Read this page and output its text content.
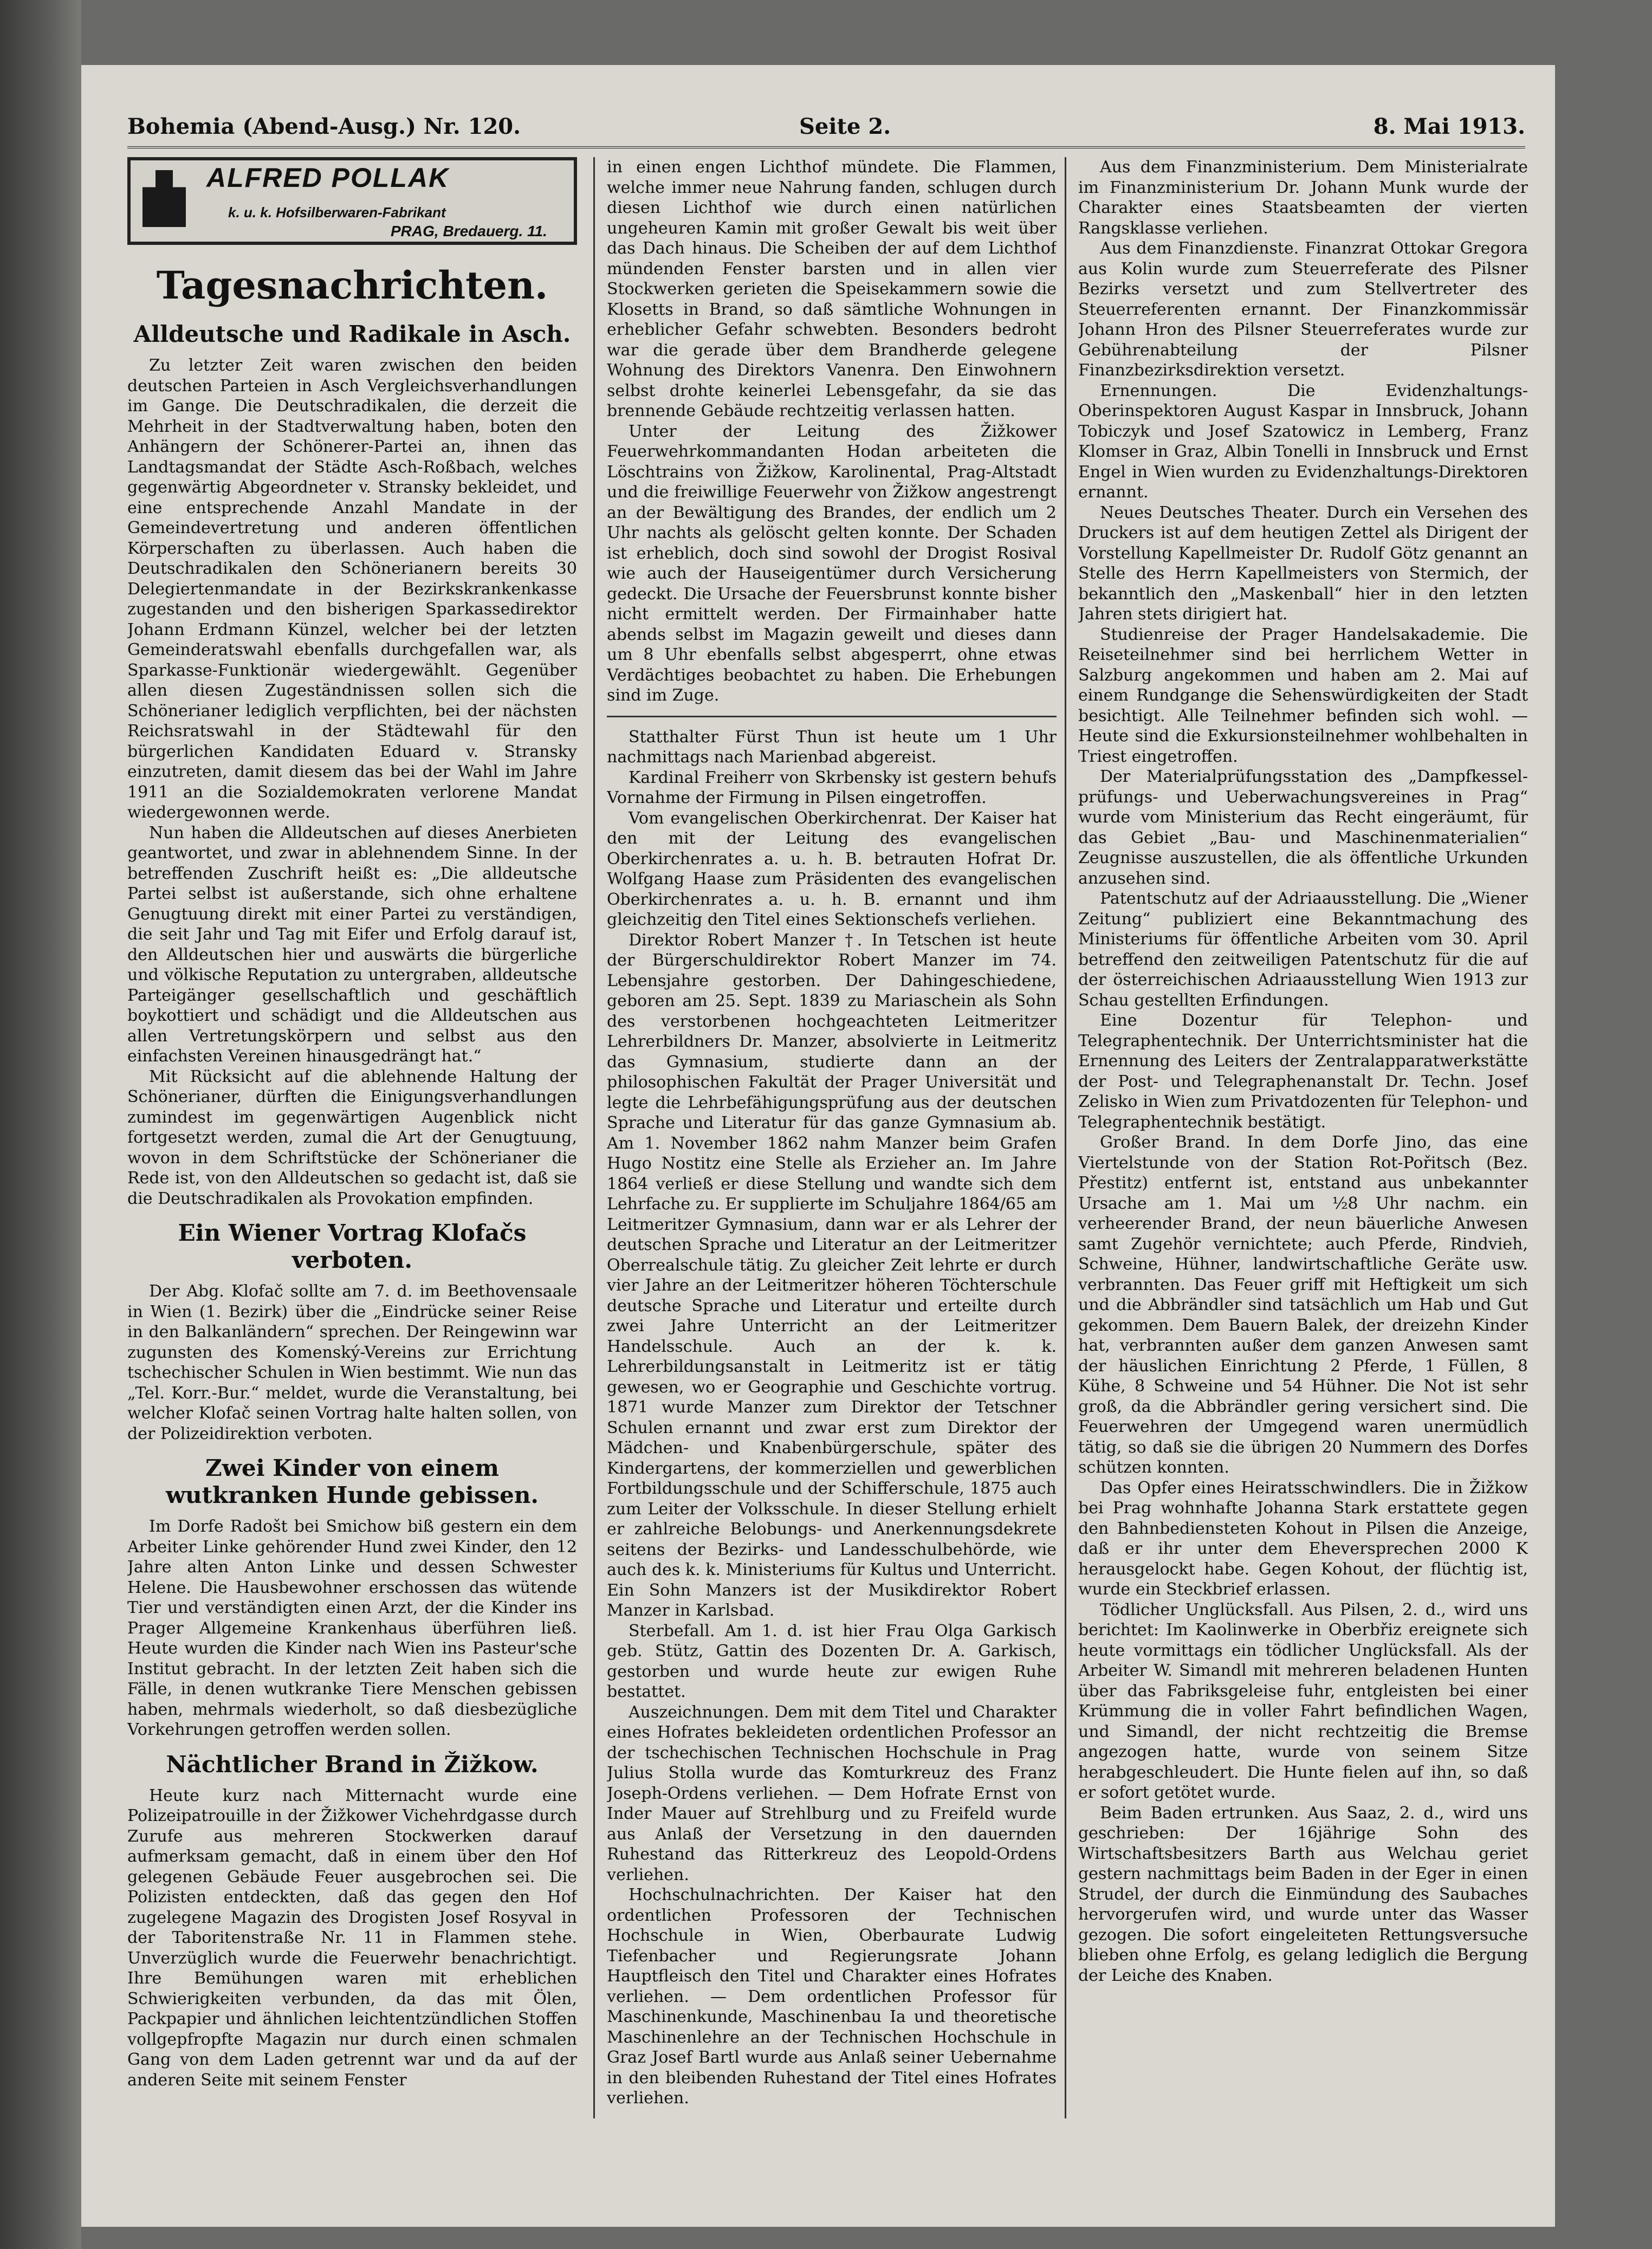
Bohemia (Abend-Ausg.) Nr. 120.	Seite 2.	8. Mai 1913.
ALFRED POLLAK
k. u. k. Hofsilberwaren-Fabrikant
PRAG, Bredauerg. 11.
Tagesnachrichten.
Alldeutsche und Radikale in Asch.

Zu letzter Zeit waren zwischen den beiden deutschen Parteien in Asch Vergleichsverhandlungen im Gange. Die Deutschradikalen, die derzeit die Mehrheit in der Stadtverwaltung haben, boten den Anhängern der Schönerer-Partei an, ihnen das Landtagsmandat der Städte Asch-Roßbach, welches gegenwärtig Abgeordneter v. Stransky bekleidet, und eine entsprechende Anzahl Mandate in der Gemeindevertretung und anderen öffentlichen Körperschaften zu überlassen. Auch haben die Deutschradikalen den Schönerianern bereits 30 Delegiertenmandate in der Bezirkskrankenkasse zugestanden und den bisherigen Sparkassedirektor Johann Erdmann Künzel, welcher bei der letzten Gemeinderatswahl ebenfalls durchgefallen war, als Sparkasse-Funktionär wiedergewählt. Gegenüber allen diesen Zugeständnissen sollen sich die Schönerianer lediglich verpflichten, bei der nächsten Reichsratswahl in der Städtewahl für den bürgerlichen Kandidaten Eduard v. Stransky einzutreten, damit diesem das bei der Wahl im Jahre 1911 an die Sozialdemokraten verlorene Mandat wiedergewonnen werde.

Nun haben die Alldeutschen auf dieses Anerbieten geantwortet, und zwar in ablehnendem Sinne. In der betreffenden Zuschrift heißt es: „Die alldeutsche Partei selbst ist außerstande, sich ohne erhaltene Genugtuung direkt mit einer Partei zu verständigen, die seit Jahr und Tag mit Eifer und Erfolg darauf ist, den Alldeutschen hier und auswärts die bürgerliche und völkische Reputation zu untergraben, alldeutsche Parteigänger gesellschaftlich und geschäftlich boykottiert und schädigt und die Alldeutschen aus allen Vertretungskörpern und selbst aus den einfachsten Vereinen hinausgedrängt hat.“

Mit Rücksicht auf die ablehnende Haltung der Schönerianer, dürften die Einigungsverhandlungen zumindest im gegenwärtigen Augenblick nicht fortgesetzt werden, zumal die Art der Genugtuung, wovon in dem Schriftstücke der Schönerianer die Rede ist, von den Alldeutschen so gedacht ist, daß sie die Deutschradikalen als Provokation empfinden.

Ein Wiener Vortrag Klofačs verboten.

Der Abg. Klofač sollte am 7. d. im Beethovensaale in Wien (1. Bezirk) über die „Eindrücke seiner Reise in den Balkanländern“ sprechen. Der Reingewinn war zugunsten des Komenský-Vereins zur Errichtung tschechischer Schulen in Wien bestimmt. Wie nun das „Tel. Korr.-Bur.“ meldet, wurde die Veranstaltung, bei welcher Klofač seinen Vortrag halte halten sollen, von der Polizeidirektion verboten.

Zwei Kinder von einem wutkranken Hunde gebissen.

Im Dorfe Radošt bei Smichow biß gestern ein dem Arbeiter Linke gehörender Hund zwei Kinder, den 12 Jahre alten Anton Linke und dessen Schwester Helene. Die Hausbewohner erschossen das wütende Tier und verständigten einen Arzt, der die Kinder ins Prager Allgemeine Krankenhaus überführen ließ. Heute wurden die Kinder nach Wien ins Pasteur'sche Institut gebracht. In der letzten Zeit haben sich die Fälle, in denen wutkranke Tiere Menschen gebissen haben, mehrmals wiederholt, so daß diesbezügliche Vorkehrungen getroffen werden sollen.

Nächtlicher Brand in Žižkow.

Heute kurz nach Mitternacht wurde eine Polizeipatrouille in der Žižkower Vichehrdgasse durch Zurufe aus mehreren Stockwerken darauf aufmerksam gemacht, daß in einem über den Hof gelegenen Gebäude Feuer ausgebrochen sei. Die Polizisten entdeckten, daß das gegen den Hof zugelegene Magazin des Drogisten Josef Rosyval in der Taboritenstraße Nr. 11 in Flammen stehe. Unverzüglich wurde die Feuerwehr benachrichtigt. Ihre Bemühungen waren mit erheblichen Schwierigkeiten verbunden, da das mit Ölen, Packpapier und ähnlichen leichtentzündlichen Stoffen vollgepfropfte Magazin nur durch einen schmalen Gang von dem Laden getrennt war und da auf der anderen Seite mit seinem Fenster

in einen engen Lichthof mündete. Die Flammen, welche immer neue Nahrung fanden, schlugen durch diesen Lichthof wie durch einen natürlichen ungeheuren Kamin mit großer Gewalt bis weit über das Dach hinaus. Die Scheiben der auf dem Lichthof mündenden Fenster barsten und in allen vier Stockwerken gerieten die Speisekammern sowie die Klosetts in Brand, so daß sämtliche Wohnungen in erheblicher Gefahr schwebten. Besonders bedroht war die gerade über dem Brandherde gelegene Wohnung des Direktors Vanenra. Den Einwohnern selbst drohte keinerlei Lebensgefahr, da sie das brennende Gebäude rechtzeitig verlassen hatten.

Unter der Leitung des Žižkower Feuerwehrkommandanten Hodan arbeiteten die Löschtrains von Žižkow, Karolinental, Prag-Altstadt und die freiwillige Feuerwehr von Žižkow angestrengt an der Bewältigung des Brandes, der endlich um 2 Uhr nachts als gelöscht gelten konnte. Der Schaden ist erheblich, doch sind sowohl der Drogist Rosival wie auch der Hauseigentümer durch Versicherung gedeckt. Die Ursache der Feuersbrunst konnte bisher nicht ermittelt werden. Der Firmainhaber hatte abends selbst im Magazin geweilt und dieses dann um 8 Uhr ebenfalls selbst abgesperrt, ohne etwas Verdächtiges beobachtet zu haben. Die Erhebungen sind im Zuge.

Statthalter Fürst Thun ist heute um 1 Uhr nachmittags nach Marienbad abgereist.

Kardinal Freiherr von Skrbensky ist gestern behufs Vornahme der Firmung in Pilsen eingetroffen.

Vom evangelischen Oberkirchenrat. Der Kaiser hat den mit der Leitung des evangelischen Oberkirchenrates a. u. h. B. betrauten Hofrat Dr. Wolfgang Haase zum Präsidenten des evangelischen Oberkirchenrates a. u. h. B. ernannt und ihm gleichzeitig den Titel eines Sektionschefs verliehen.

Direktor Robert Manzer †. In Tetschen ist heute der Bürgerschuldirektor Robert Manzer im 74. Lebensjahre gestorben. Der Dahingeschiedene, geboren am 25. Sept. 1839 zu Mariaschein als Sohn des verstorbenen hochgeachteten Leitmeritzer Lehrerbildners Dr. Manzer, absolvierte in Leitmeritz das Gymnasium, studierte dann an der philosophischen Fakultät der Prager Universität und legte die Lehrbefähigungsprüfung aus der deutschen Sprache und Literatur für das ganze Gymnasium ab. Am 1. November 1862 nahm Manzer beim Grafen Hugo Nostitz eine Stelle als Erzieher an. Im Jahre 1864 verließ er diese Stellung und wandte sich dem Lehrfache zu. Er supplierte im Schuljahre 1864/65 am Leitmeritzer Gymnasium, dann war er als Lehrer der deutschen Sprache und Literatur an der Leitmeritzer Oberrealschule tätig. Zu gleicher Zeit lehrte er durch vier Jahre an der Leitmeritzer höheren Töchterschule deutsche Sprache und Literatur und erteilte durch zwei Jahre Unterricht an der Leitmeritzer Handelsschule. Auch an der k. k. Lehrerbildungsanstalt in Leitmeritz ist er tätig gewesen, wo er Geographie und Geschichte vortrug. 1871 wurde Manzer zum Direktor der Tetschner Schulen ernannt und zwar erst zum Direktor der Mädchen- und Knabenbürgerschule, später des Kindergartens, der kommerziellen und gewerblichen Fortbildungsschule und der Schifferschule, 1875 auch zum Leiter der Volksschule. In dieser Stellung erhielt er zahlreiche Belobungs- und Anerkennungsdekrete seitens der Bezirks- und Landesschulbehörde, wie auch des k. k. Ministeriums für Kultus und Unterricht. Ein Sohn Manzers ist der Musikdirektor Robert Manzer in Karlsbad.

Sterbefall. Am 1. d. ist hier Frau Olga Garkisch geb. Stütz, Gattin des Dozenten Dr. A. Garkisch, gestorben und wurde heute zur ewigen Ruhe bestattet.

Auszeichnungen. Dem mit dem Titel und Charakter eines Hofrates bekleideten ordentlichen Professor an der tschechischen Technischen Hochschule in Prag Julius Stolla wurde das Komturkreuz des Franz Joseph-Ordens verliehen. — Dem Hofrate Ernst von Inder Mauer auf Strehlburg und zu Freifeld wurde aus Anlaß der Versetzung in den dauernden Ruhestand das Ritterkreuz des Leopold-Ordens verliehen.

Hochschulnachrichten. Der Kaiser hat den ordentlichen Professoren der Technischen Hochschule in Wien, Oberbaurate Ludwig Tiefenbacher und Regierungsrate Johann Hauptfleisch den Titel und Charakter eines Hofrates verliehen. — Dem ordentlichen Professor für Maschinenkunde, Maschinenbau Ia und theoretische Maschinenlehre an der Technischen Hochschule in Graz Josef Bartl wurde aus Anlaß seiner Uebernahme in den bleibenden Ruhestand der Titel eines Hofrates verliehen.

Aus dem Finanzministerium. Dem Ministerialrate im Finanzministerium Dr. Johann Munk wurde der Charakter eines Staatsbeamten der vierten Rangsklasse verliehen.

Aus dem Finanzdienste. Finanzrat Ottokar Gregora aus Kolin wurde zum Steuerreferate des Pilsner Bezirks versetzt und zum Stellvertreter des Steuerreferenten ernannt. Der Finanzkommissär Johann Hron des Pilsner Steuerreferates wurde zur Gebührenabteilung der Pilsner Finanzbezirksdirektion versetzt.

Ernennungen. Die Evidenzhaltungs-Oberinspektoren August Kaspar in Innsbruck, Johann Tobiczyk und Josef Szatowicz in Lemberg, Franz Klomser in Graz, Albin Tonelli in Innsbruck und Ernst Engel in Wien wurden zu Evidenzhaltungs-Direktoren ernannt.

Neues Deutsches Theater. Durch ein Versehen des Druckers ist auf dem heutigen Zettel als Dirigent der Vorstellung Kapellmeister Dr. Rudolf Götz genannt an Stelle des Herrn Kapellmeisters von Stermich, der bekanntlich den „Maskenball“ hier in den letzten Jahren stets dirigiert hat.

Studienreise der Prager Handelsakademie. Die Reiseteilnehmer sind bei herrlichem Wetter in Salzburg angekommen und haben am 2. Mai auf einem Rundgange die Sehenswürdigkeiten der Stadt besichtigt. Alle Teilnehmer befinden sich wohl. — Heute sind die Exkursionsteilnehmer wohlbehalten in Triest eingetroffen.

Der Materialprüfungsstation des „Dampfkessel-prüfungs- und Ueberwachungsvereines in Prag“ wurde vom Ministerium das Recht eingeräumt, für das Gebiet „Bau- und Maschinenmaterialien“ Zeugnisse auszustellen, die als öffentliche Urkunden anzusehen sind.

Patentschutz auf der Adriaausstellung. Die „Wiener Zeitung“ publiziert eine Bekanntmachung des Ministeriums für öffentliche Arbeiten vom 30. April betreffend den zeitweiligen Patentschutz für die auf der österreichischen Adriaausstellung Wien 1913 zur Schau gestellten Erfindungen.

Eine Dozentur für Telephon- und Telegraphentechnik. Der Unterrichtsminister hat die Ernennung des Leiters der Zentralapparatwerkstätte der Post- und Telegraphenanstalt Dr. Techn. Josef Zelisko in Wien zum Privatdozenten für Telephon- und Telegraphentechnik bestätigt.

Großer Brand. In dem Dorfe Jino, das eine Viertelstunde von der Station Rot-Pořitsch (Bez. Přestitz) entfernt ist, entstand aus unbekannter Ursache am 1. Mai um ½8 Uhr nachm. ein verheerender Brand, der neun bäuerliche Anwesen samt Zugehör vernichtete; auch Pferde, Rindvieh, Schweine, Hühner, landwirtschaftliche Geräte usw. verbrannten. Das Feuer griff mit Heftigkeit um sich und die Abbrändler sind tatsächlich um Hab und Gut gekommen. Dem Bauern Balek, der dreizehn Kinder hat, verbrannten außer dem ganzen Anwesen samt der häuslichen Einrichtung 2 Pferde, 1 Füllen, 8 Kühe, 8 Schweine und 54 Hühner. Die Not ist sehr groß, da die Abbrändler gering versichert sind. Die Feuerwehren der Umgegend waren unermüdlich tätig, so daß sie die übrigen 20 Nummern des Dorfes schützen konnten.

Das Opfer eines Heiratsschwindlers. Die in Žižkow bei Prag wohnhafte Johanna Stark erstattete gegen den Bahnbediensteten Kohout in Pilsen die Anzeige, daß er ihr unter dem Eheversprechen 2000 K herausgelockt habe. Gegen Kohout, der flüchtig ist, wurde ein Steckbrief erlassen.

Tödlicher Unglücksfall. Aus Pilsen, 2. d., wird uns berichtet: Im Kaolinwerke in Oberbřiz ereignete sich heute vormittags ein tödlicher Unglücksfall. Als der Arbeiter W. Simandl mit mehreren beladenen Hunten über das Fabriksgeleise fuhr, entgleisten bei einer Krümmung die in voller Fahrt befindlichen Wagen, und Simandl, der nicht rechtzeitig die Bremse angezogen hatte, wurde von seinem Sitze herabgeschleudert. Die Hunte fielen auf ihn, so daß er sofort getötet wurde.

Beim Baden ertrunken. Aus Saaz, 2. d., wird uns geschrieben: Der 16jährige Sohn des Wirtschaftsbesitzers Barth aus Welchau geriet gestern nachmittags beim Baden in der Eger in einen Strudel, der durch die Einmündung des Saubaches hervorgerufen wird, und wurde unter das Wasser gezogen. Die sofort eingeleiteten Rettungsversuche blieben ohne Erfolg, es gelang lediglich die Bergung der Leiche des Knaben.
